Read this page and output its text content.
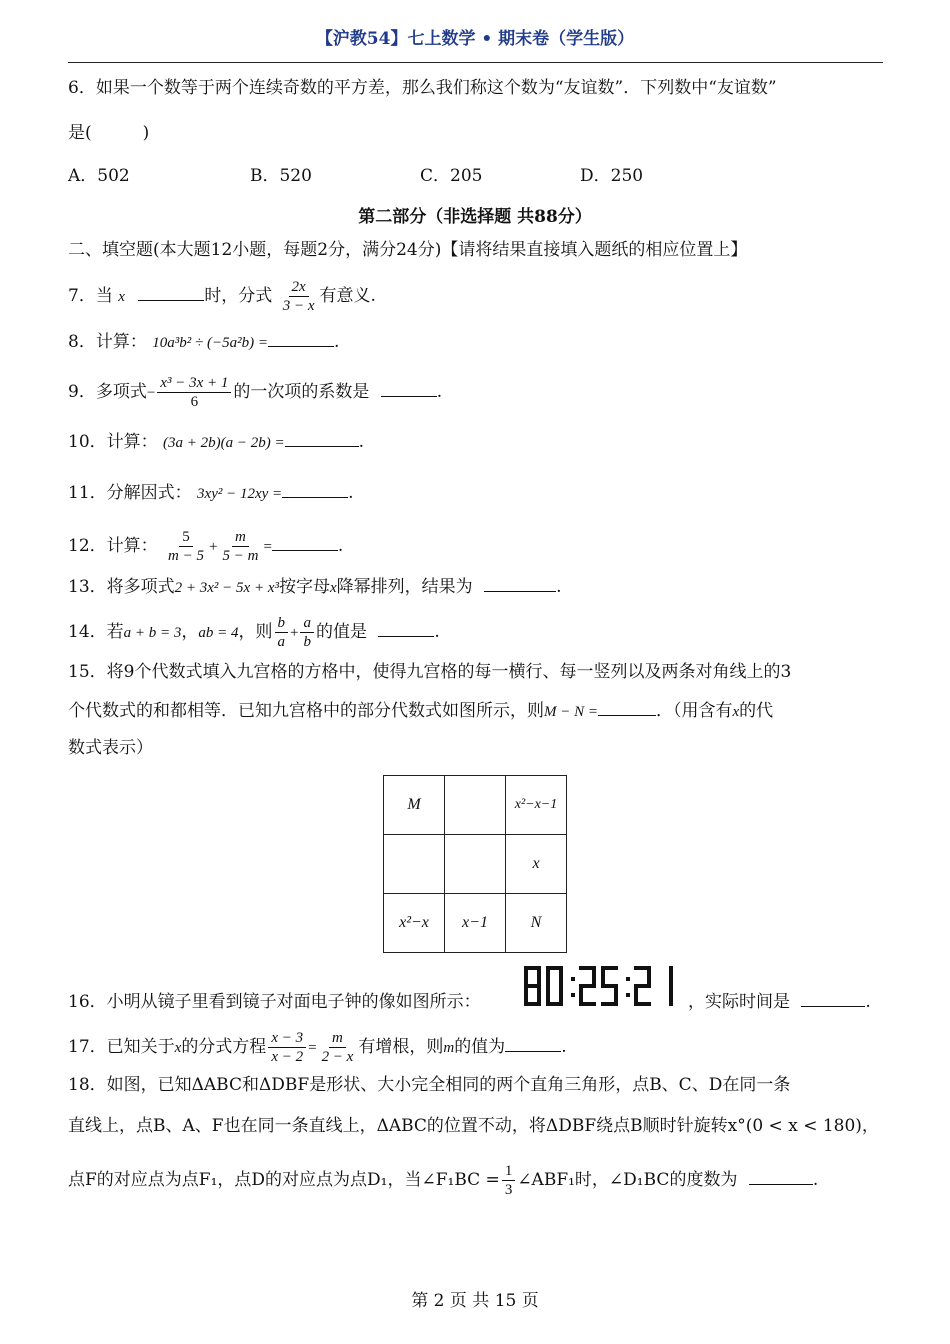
【沪教54】七上数学 • 期末卷（学生版）
6．如果一个数等于两个连续奇数的平方差，那么我们称这个数为“友谊数”．下列数中“友谊数”
是(　　　)
A．502	B．520	C．205	D．250
第二部分（非选择题 共88分）
二、填空题(本大题12小题，每题2分，满分24分)【请将结果直接填入题纸的相应位置上】
7．当 x	时，分式 $\frac{2x}{3 - x}$ 有意义.
8．计算： 10a³b² ÷ (−5a²b) =	.
9．多项式− $\frac{\text{x³ − 3x + 1}}{6}$ 的一次项的系数是	.
10．计算： (3a + 2b)(a − 2b) =	.
11．分解因式： 3xy² − 12xy =	.
12．计算： $\frac{5}{m - 5} + \frac{m}{5 - m}$ =	.
13．将多项式2 + 3x² − 5x + x³按字母x降幂排列，结果为	.
14．若a + b = 3，ab = 4，则 $\frac{b}{a} + \frac{a}{b}$ 的值是	.
15．将9个代数式填入九宫格的方格中，使得九宫格的每一横行、每一竖列以及两条对角线上的3
个代数式的和都相等．已知九宫格中的部分代数式如图所示，则M − N =	．（用含有x的代
数式表示）
M		x²−x−1
		x
x²−x	x−1	N
16．小明从镜子里看到镜子对面电子钟的像如图所示：	，实际时间是	.
17．已知关于x的分式方程 $\frac{x - 3}{x - 2} = \frac{m}{2 - x}$ 有增根，则m的值为	.
18．如图，已知ΔABC和ΔDBF是形状、大小完全相同的两个直角三角形，点B、C、D在同一条
直线上，点B、A、F也在同一条直线上，ΔABC的位置不动，将ΔDBF绕点B顺时针旋转x°(0 < x < 180)，
点F的对应点为点F₁，点D的对应点为点D₁，当∠F₁BC = $\frac{1}{3}$ ∠ABF₁时，∠D₁BC的度数为	.
第 2 页 共 15 页
